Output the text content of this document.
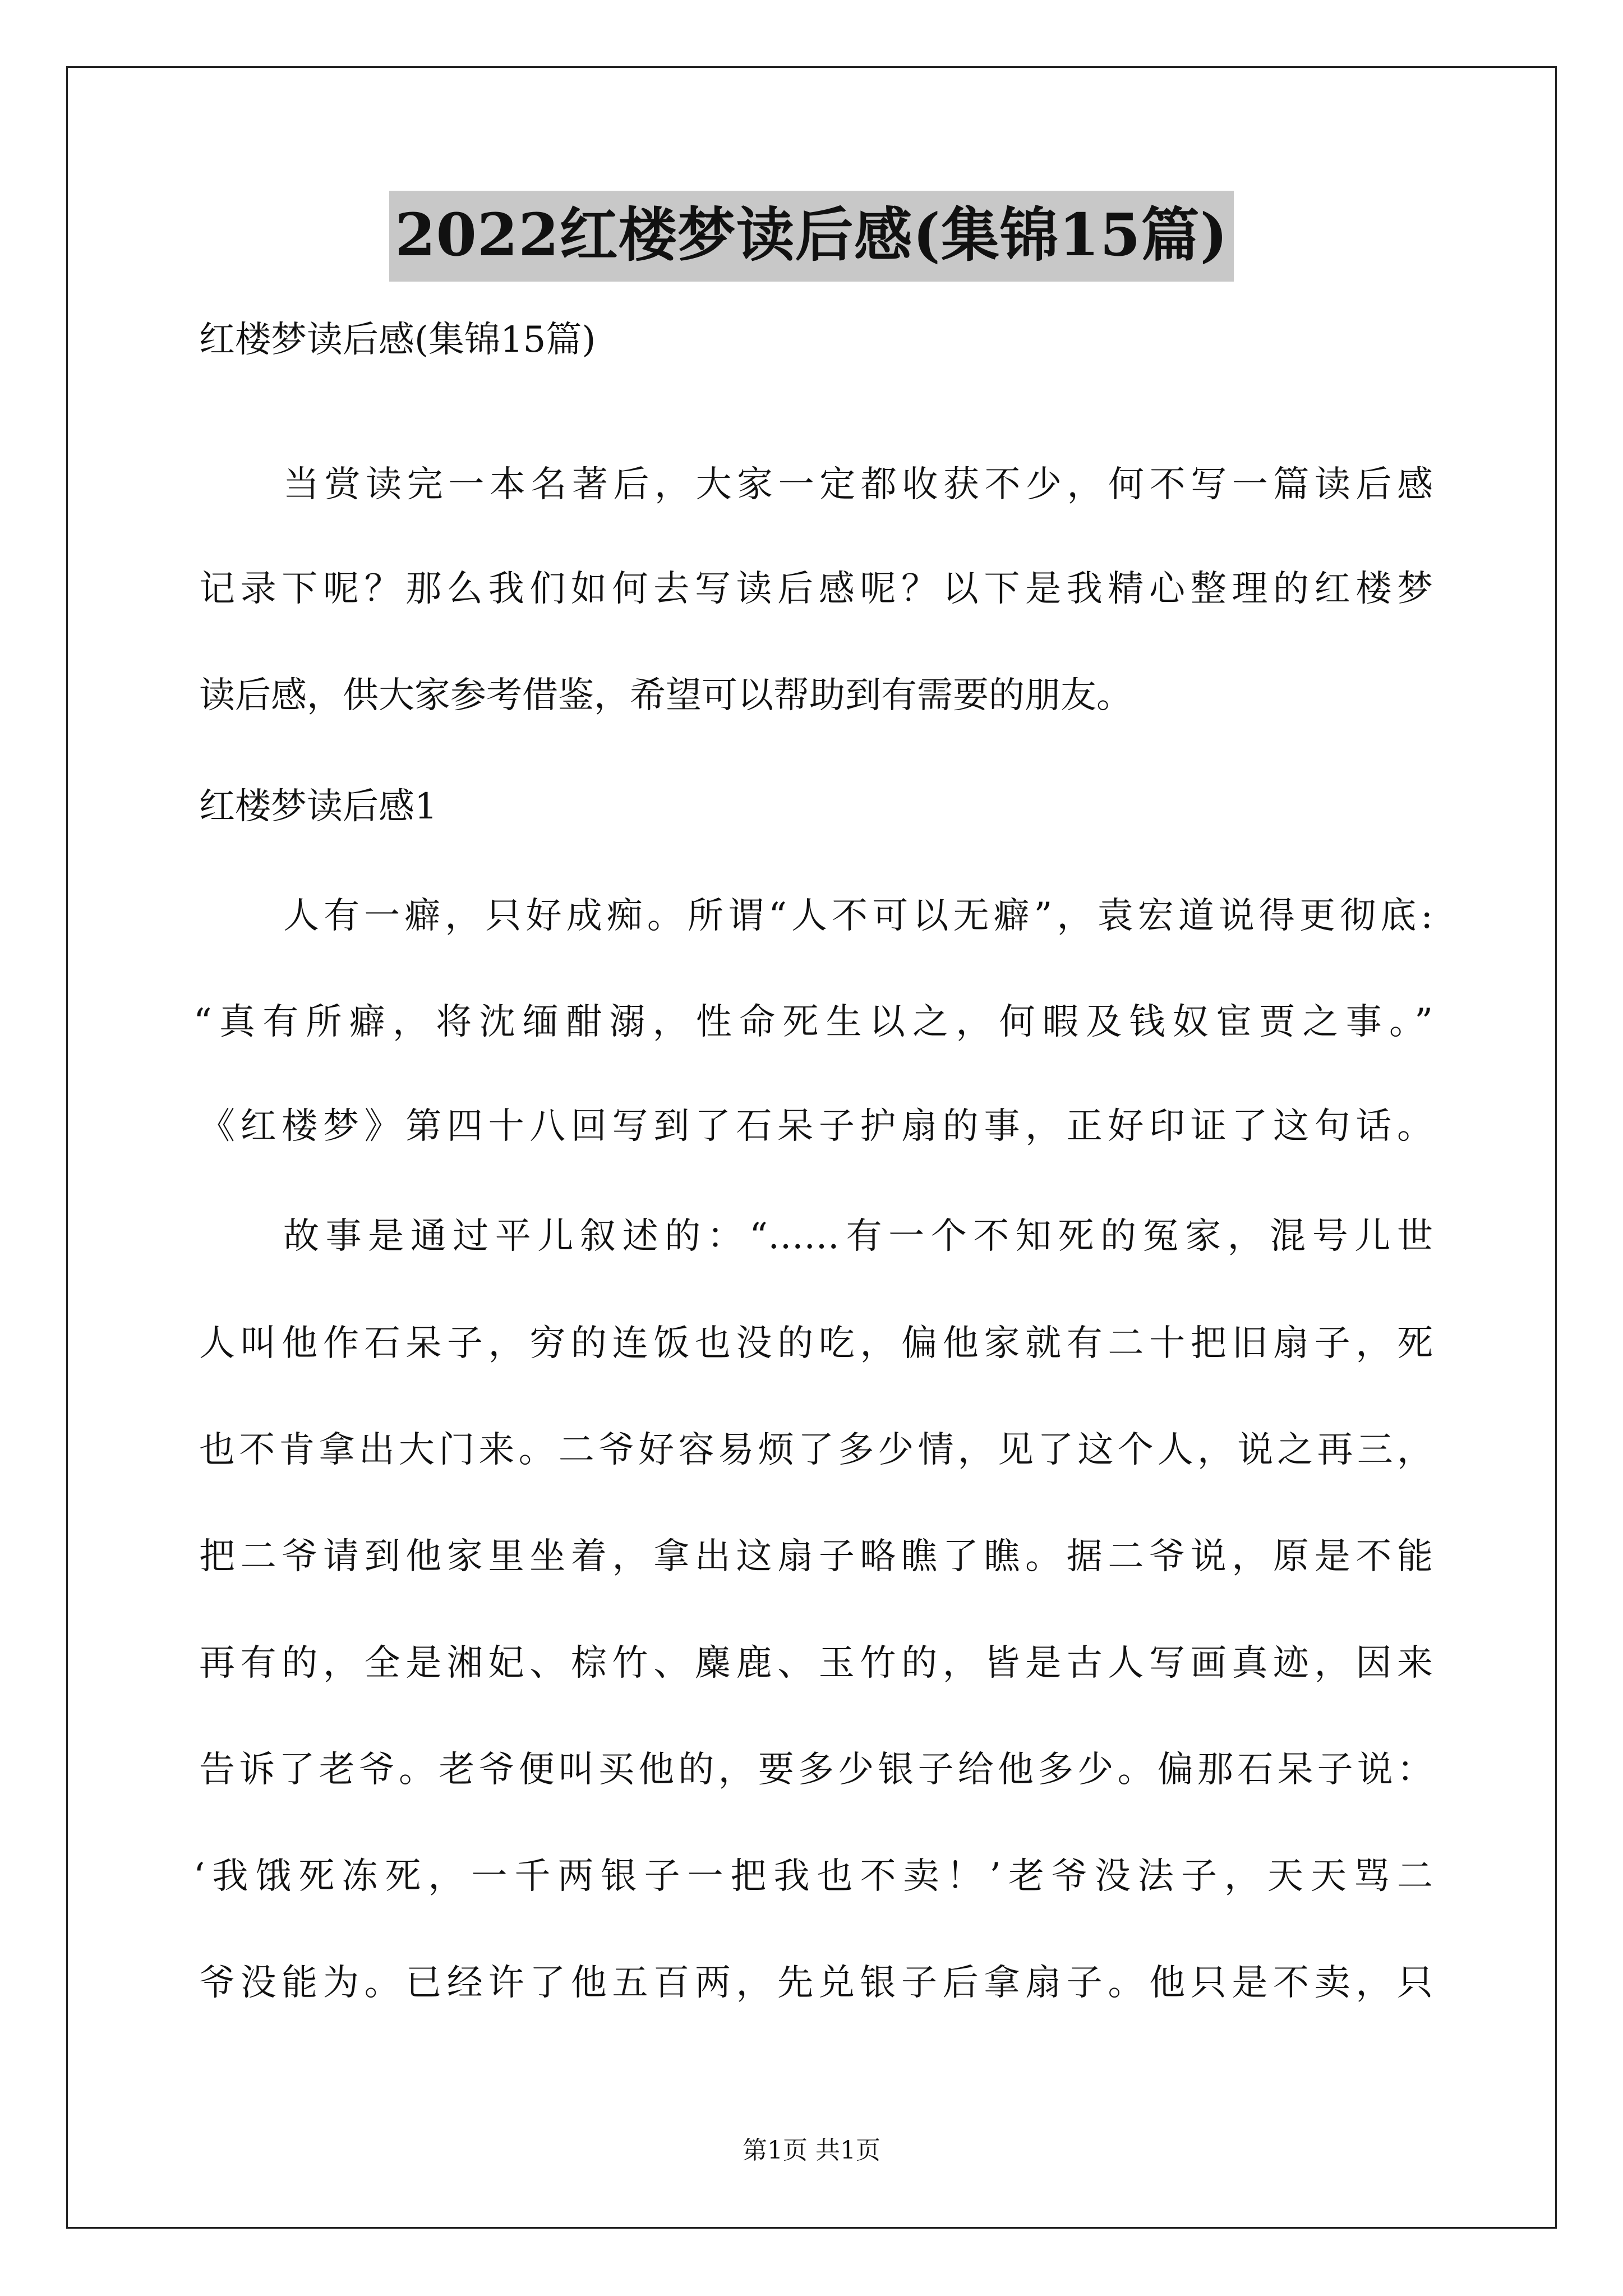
2022红楼梦读后感(集锦15篇)
红楼梦读后感(集锦15篇)
当赏读完一本名著后，大家一定都收获不少，何不写一篇读后感
记录下呢？那么我们如何去写读后感呢？以下是我精心整理的红楼梦
读后感，供大家参考借鉴，希望可以帮助到有需要的朋友。
红楼梦读后感1
人有一癖，只好成痴。所谓“人不可以无癖”，袁宏道说得更彻底:
“真有所癖，将沈缅酣溺，性命死生以之，何暇及钱奴宦贾之事。”
《红楼梦》第四十八回写到了石呆子护扇的事，正好印证了这句话。
故事是通过平儿叙述的：“……有一个不知死的冤家，混号儿世
人叫他作石呆子，穷的连饭也没的吃，偏他家就有二十把旧扇子，死
也不肯拿出大门来。二爷好容易烦了多少情，见了这个人，说之再三，
把二爷请到他家里坐着，拿出这扇子略瞧了瞧。据二爷说，原是不能
再有的，全是湘妃、棕竹、麋鹿、玉竹的，皆是古人写画真迹，因来
告诉了老爷。老爷便叫买他的，要多少银子给他多少。偏那石呆子说：
‘我饿死冻死，一千两银子一把我也不卖！’老爷没法子，天天骂二
爷没能为。已经许了他五百两，先兑银子后拿扇子。他只是不卖，只
第1页 共1页
